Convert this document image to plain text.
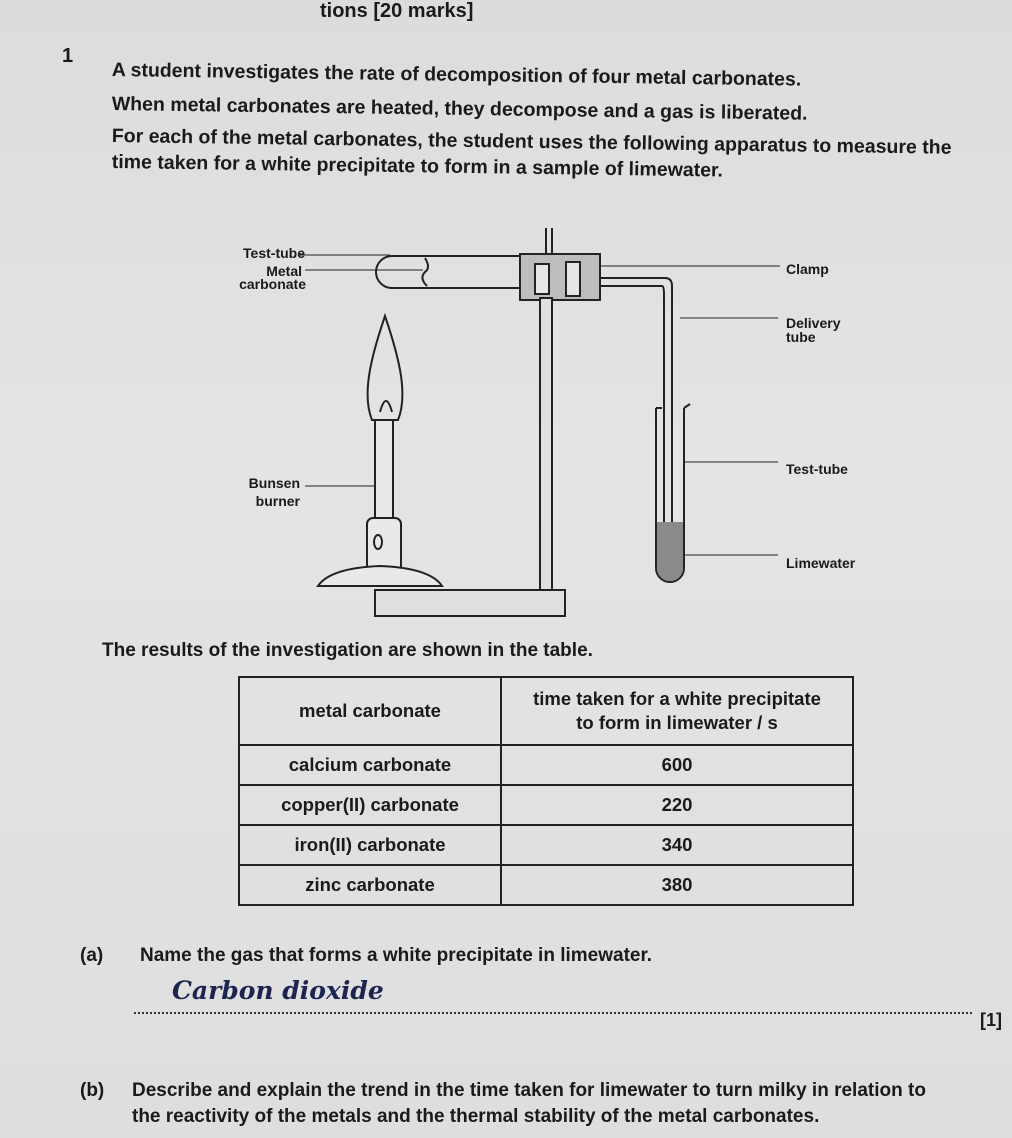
tions [20 marks]
1
A student investigates the rate of decomposition of four metal carbonates.
When metal carbonates are heated, they decompose and a gas is liberated.
For each of the metal carbonates, the student uses the following apparatus to measure the
time taken for a white precipitate to form in a sample of limewater.
Test-tube
Metal
carbonate
Clamp
Delivery
tube
Bunsen
burner
Test-tube
Limewater
The results of the investigation are shown in the table.
metal carbonate	time taken for a white precipitate
to form in limewater / s

calcium carbonate	600
copper(II) carbonate	220
iron(II) carbonate	340
zinc carbonate	380
(a) Name the gas that forms a white precipitate in limewater.
Carbon dioxide
[1]
(b) Describe and explain the trend in the time taken for limewater to turn milky in relation to
the reactivity of the metals and the thermal stability of the metal carbonates.
